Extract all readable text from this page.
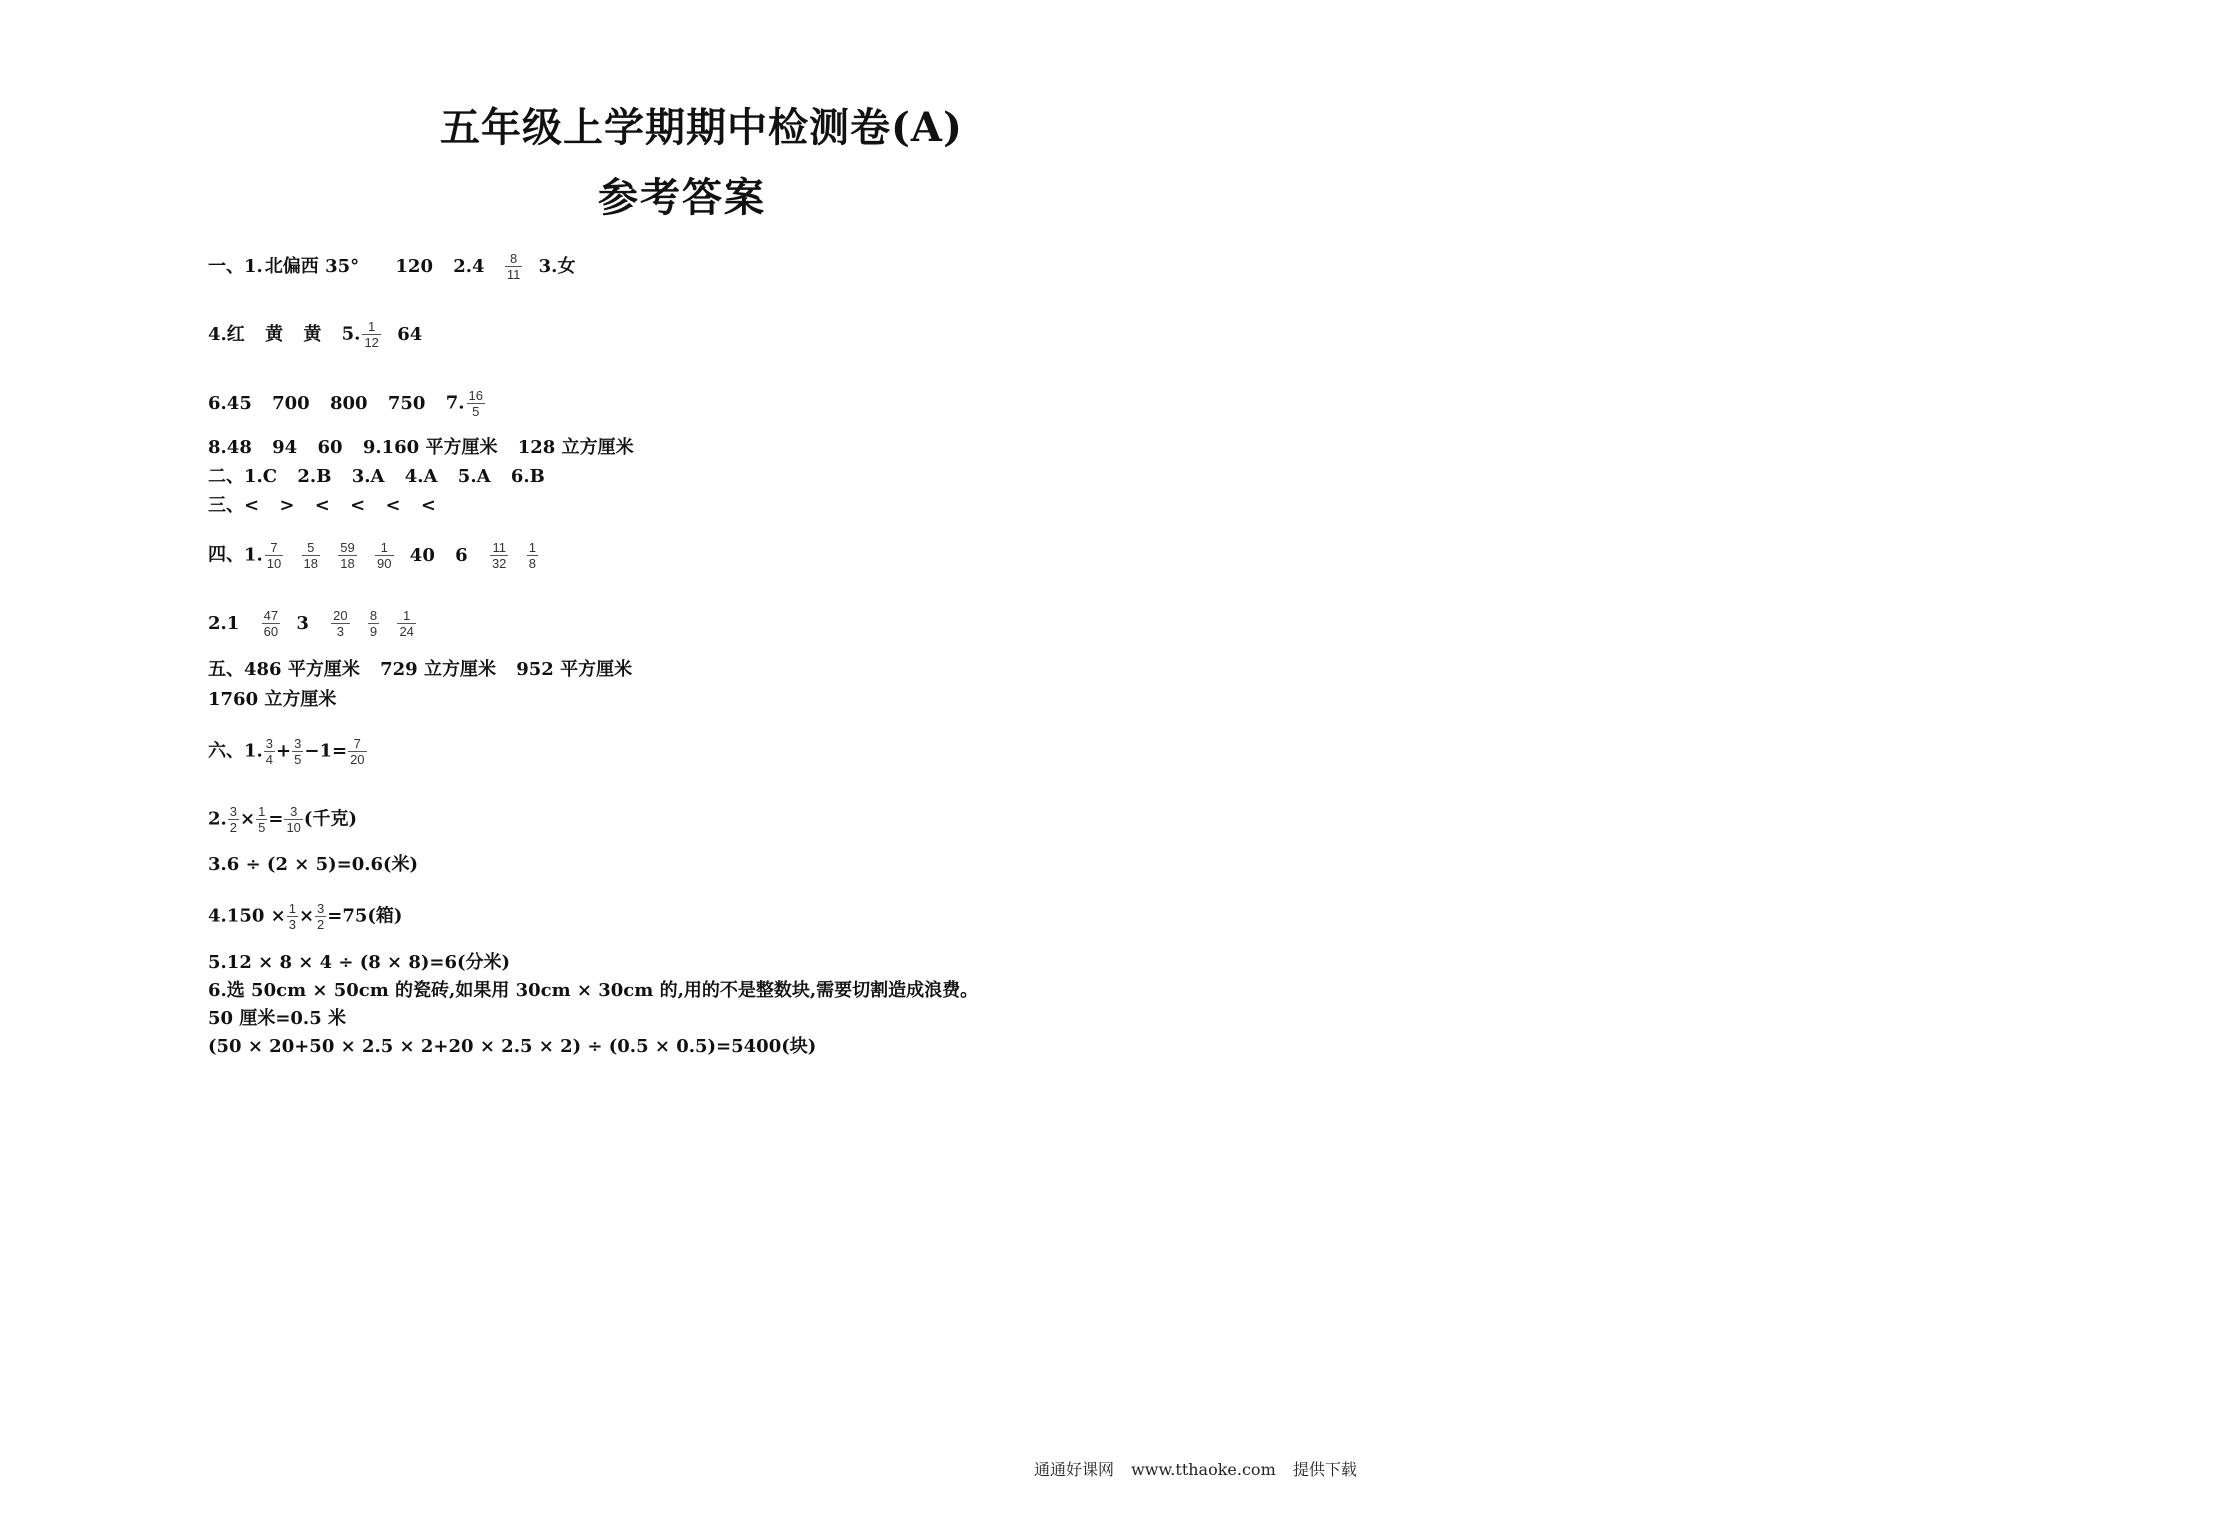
五年级上学期期中检测卷(A)
参考答案
一、1. 北偏西 35° 120 $2.4 \frac{8}{11} 3$.女
4.红 黄 黄 5. $\frac{1}{12} 64$
6.45 700 800 750 7. $\frac{16}{5}$
8.48 94 60 9.160 平方厘米 128 立方厘米
二、1.C 2.B 3.A 4.A 5.A 6.B
三、< > < < < <
四、1. $\frac{7}{10}$
$\frac{5}{18}$
$\frac{59}{18}$
$\frac{1}{90} 40$ $6 \frac{11}{32}$
$\frac{1}{8}$
$2.1 \frac{47}{60} 3 \frac{20}{3}$
$\frac{8}{9}$
$\frac{1}{24}$
五、486 平方厘米 729 立方厘米 952 平方厘米
1760 立方厘米
六、1. $\frac{3}{4} + \frac{3}{5} -1= \frac{7}{20}$
2. $\frac{3}{2} \times \frac{1}{5} = \frac{3}{10}$ (千克)
3.6 ÷ (2 × 5)=0.6(米)
$4.150 \times \frac{1}{3} \times \frac{3}{2} =75$(箱)
5.12 × 8 × 4 ÷ (8 × 8)=6(分米)
6.选 50cm × 50cm 的瓷砖,如果用 30cm × 30cm 的,用的不是整数块,需要切割造成浪费。
50 厘米=0.5 米
(50 × 20+50 × 2.5 × 2+20 × 2.5 × 2) ÷ (0.5 × 0.5)=5400(块)
通通好课网 www.tthaoke.com 提供下载
